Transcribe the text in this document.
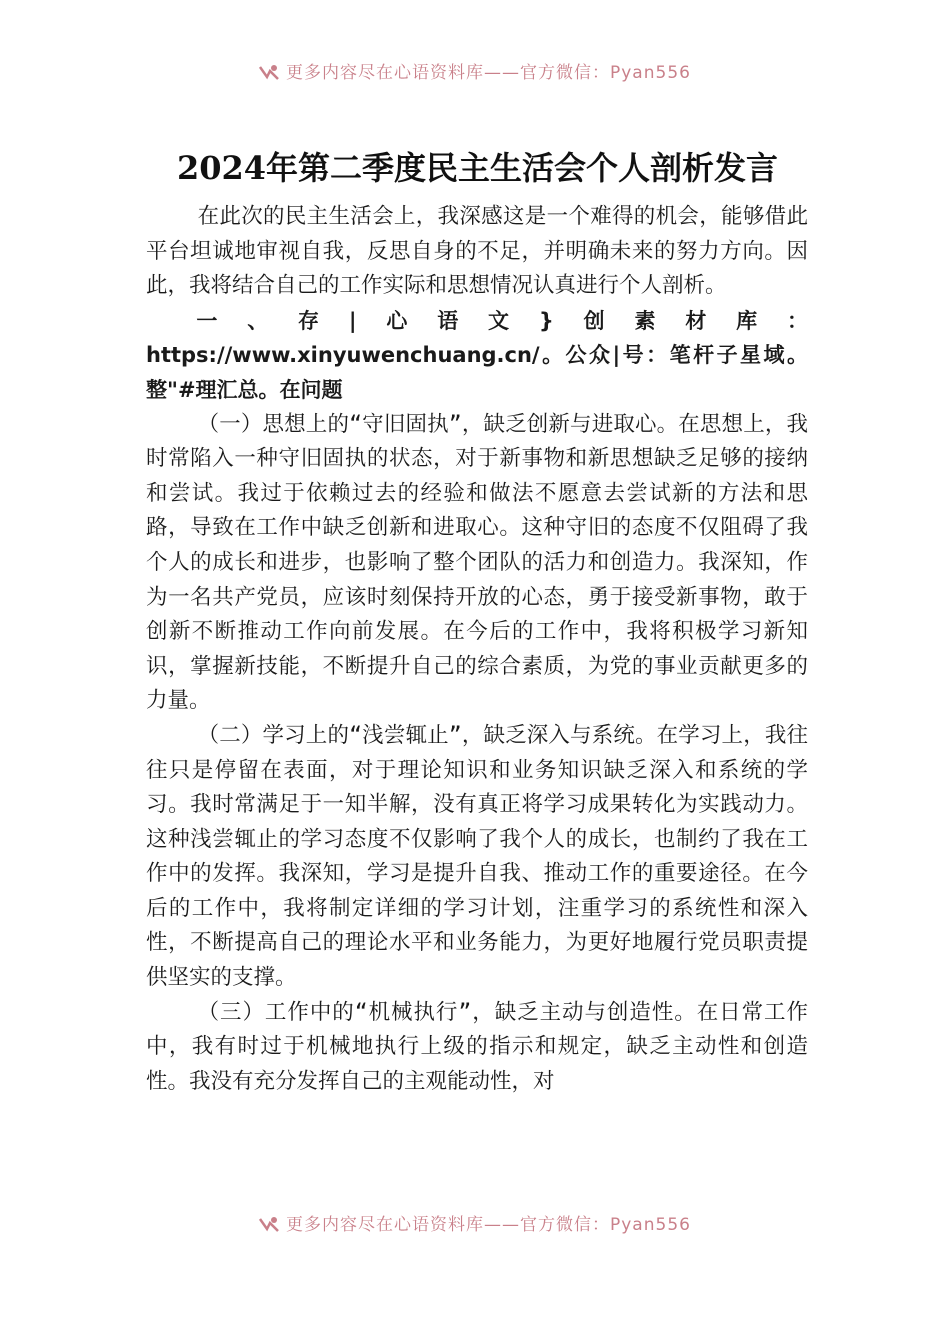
更多内容尽在心语资料库——官方微信：Pyan556
2024年第二季度民主生活会个人剖析发言

在此次的民主生活会上，我深感这是一个难得的机会，能够借此平台坦诚地审视自我，反思自身的不足，并明确未来的努力方向。因此，我将结合自己的工作实际和思想情况认真进行个人剖析。

一、存|心语文}创素材库：https://www.xinyuwenchuang.cn/。公众|号：笔杆子星域。整"#理汇总。在问题

（一）思想上的“守旧固执”，缺乏创新与进取心。在思想上，我时常陷入一种守旧固执的状态，对于新事物和新思想缺乏足够的接纳和尝试。我过于依赖过去的经验和做法不愿意去尝试新的方法和思路，导致在工作中缺乏创新和进取心。这种守旧的态度不仅阻碍了我个人的成长和进步，也影响了整个团队的活力和创造力。我深知，作为一名共产党员，应该时刻保持开放的心态，勇于接受新事物，敢于创新不断推动工作向前发展。在今后的工作中，我将积极学习新知识，掌握新技能，不断提升自己的综合素质，为党的事业贡献更多的力量。

（二）学习上的“浅尝辄止”，缺乏深入与系统。在学习上，我往往只是停留在表面，对于理论知识和业务知识缺乏深入和系统的学习。我时常满足于一知半解，没有真正将学习成果转化为实践动力。这种浅尝辄止的学习态度不仅影响了我个人的成长，也制约了我在工作中的发挥。我深知，学习是提升自我、推动工作的重要途径。在今后的工作中，我将制定详细的学习计划，注重学习的系统性和深入性，不断提高自己的理论水平和业务能力，为更好地履行党员职责提供坚实的支撑。

（三）工作中的“机械执行”，缺乏主动与创造性。在日常工作中，我有时过于机械地执行上级的指示和规定，缺乏主动性和创造性。我没有充分发挥自己的主观能动性，对

更多内容尽在心语资料库——官方微信：Pyan556
